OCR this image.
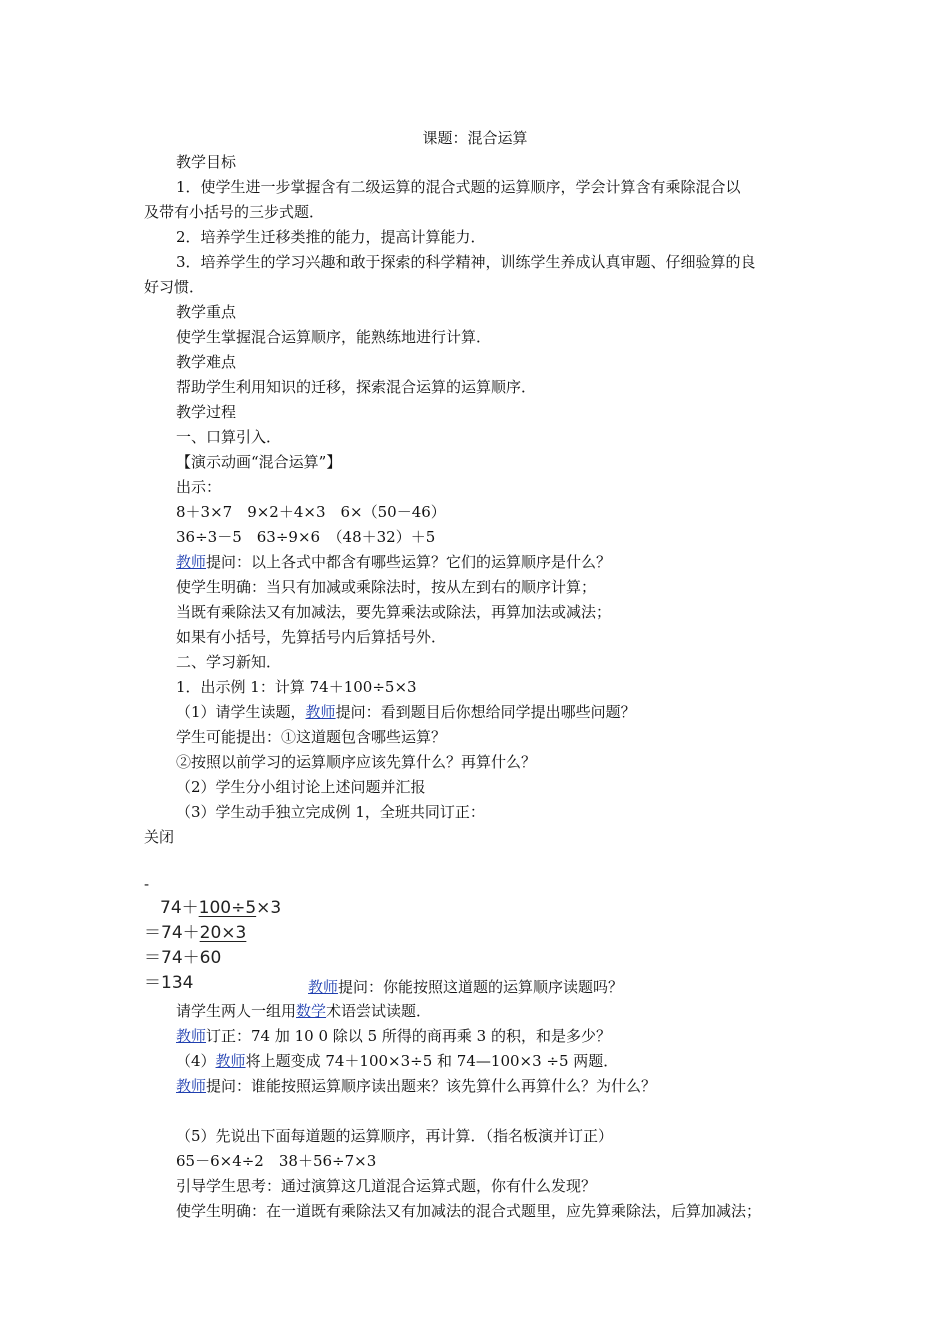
课题：混合运算
教学目标
1．使学生进一步掌握含有二级运算的混合式题的运算顺序，学会计算含有乘除混合以
及带有小括号的三步式题．
2．培养学生迁移类推的能力，提高计算能力．
3．培养学生的学习兴趣和敢于探索的科学精神，训练学生养成认真审题、仔细验算的良
好习惯．
教学重点
使学生掌握混合运算顺序，能熟练地进行计算．
教学难点
帮助学生利用知识的迁移，探索混合运算的运算顺序．
教学过程
一、口算引入．
【演示动画“混合运算”】
出示：
8＋3×7　9×2＋4×3　6×（50－46）
36÷3－5　63÷9×6　（48＋32）＋5
教师提问：以上各式中都含有哪些运算？它们的运算顺序是什么？
使学生明确：当只有加减或乘除法时，按从左到右的顺序计算；
当既有乘除法又有加减法，要先算乘法或除法，再算加法或减法；
如果有小括号，先算括号内后算括号外．
二、学习新知．
1．出示例 1：计算 74＋100÷5×3
（1）请学生读题，教师提问：看到题目后你想给同学提出哪些问题？
学生可能提出：①这道题包含哪些运算？
②按照以前学习的运算顺序应该先算什么？再算什么？
（2）学生分小组讨论上述问题并汇报
（3）学生动手独立完成例 1，全班共同订正：
关闭
-
74＋100÷5×3
＝74＋20×3
＝74＋60
＝134	教师提问：你能按照这道题的运算顺序读题吗？
请学生两人一组用数学术语尝试读题．
教师订正：74 加 10 0 除以 5 所得的商再乘 3 的积，和是多少？
（4）教师将上题变成 74＋100×3÷5 和 74—100×3 ÷5 两题．
教师提问：谁能按照运算顺序读出题来？该先算什么再算什么？为什么？
（5）先说出下面每道题的运算顺序，再计算．（指名板演并订正）
65－6×4÷2　38＋56÷7×3
引导学生思考：通过演算这几道混合运算式题，你有什么发现？
使学生明确：在一道既有乘除法又有加减法的混合式题里，应先算乘除法，后算加减法；
